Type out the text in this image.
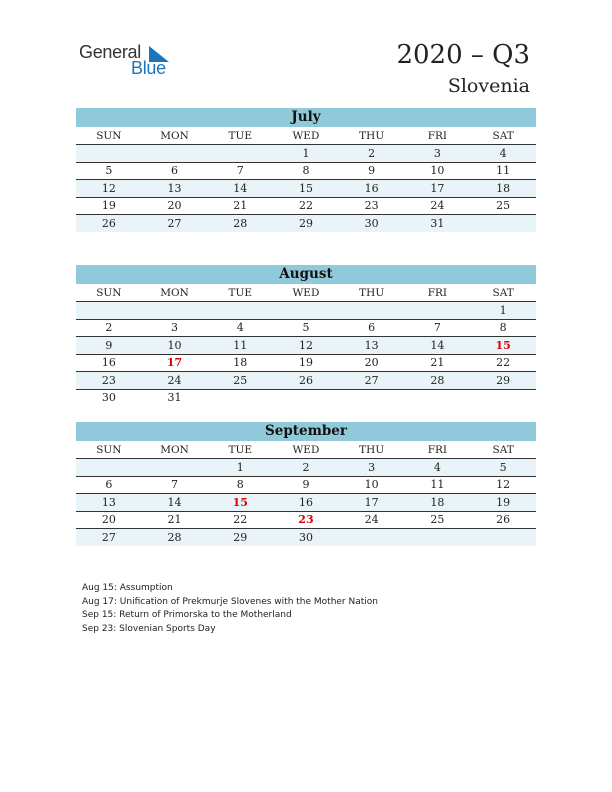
General
Blue	2020 – Q3
Slovenia
July
SUN	MON	TUE	WED	THU	FRI	SAT
			1	2	3	4
5	6	7	8	9	10	11
12	13	14	15	16	17	18
19	20	21	22	23	24	25
26	27	28	29	30	31	
August
SUN	MON	TUE	WED	THU	FRI	SAT
						1
2	3	4	5	6	7	8
9	10	11	12	13	14	15
16	17	18	19	20	21	22
23	24	25	26	27	28	29
30	31					
September
SUN	MON	TUE	WED	THU	FRI	SAT
		1	2	3	4	5
6	7	8	9	10	11	12
13	14	15	16	17	18	19
20	21	22	23	24	25	26
27	28	29	30			
Aug 15: Assumption
Aug 17: Unification of Prekmurje Slovenes with the Mother Nation
Sep 15: Return of Primorska to the Motherland
Sep 23: Slovenian Sports Day
